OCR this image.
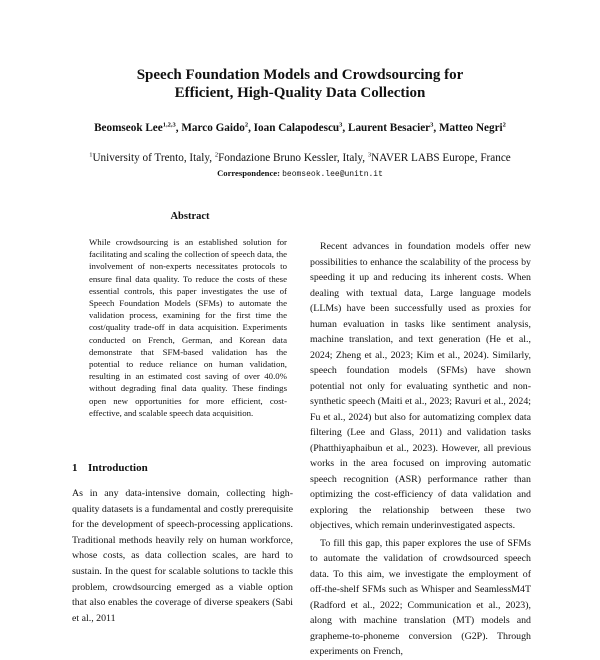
Speech Foundation Models and Crowdsourcing for
Efficient, High-Quality Data Collection
Beomseok Lee$^{1,2,3}$, Marco Gaido$^2$, Ioan Calapodescu$^3$, Laurent Besacier$^3$, Matteo Negri$^2$
$^1$University of Trento, Italy, $^2$Fondazione Bruno Kessler, Italy, $^3$NAVER LABS Europe, France
Correspondence: beomseok.lee@unitn.it
Abstract
While crowdsourcing is an established solution for facilitating and scaling the collection of speech data, the involvement of non-experts necessitates protocols to ensure final data quality. To reduce the costs of these essential controls, this paper investigates the use of Speech Foundation Models (SFMs) to automate the validation process, examining for the first time the cost/quality trade-off in data acquisition. Experiments conducted on French, German, and Korean data demonstrate that SFM-based validation has the potential to reduce reliance on human validation, resulting in an estimated cost saving of over 40.0% without degrading final data quality. These findings open new opportunities for more efficient, cost-effective, and scalable speech data acquisition.
1 Introduction
As in any data-intensive domain, collecting high-quality datasets is a fundamental and costly prerequisite for the development of speech-processing applications. Traditional methods heavily rely on human workforce, whose costs, as data collection scales, are hard to sustain. In the quest for scalable solutions to tackle this problem, crowdsourcing emerged as a viable option that also enables the coverage of diverse speakers (Sabi et al., 2011

Recent advances in foundation models offer new possibilities to enhance the scalability of the process by speeding it up and reducing its inherent costs. When dealing with textual data, Large language models (LLMs) have been successfully used as proxies for human evaluation in tasks like sentiment analysis, machine translation, and text generation (He et al., 2024; Zheng et al., 2023; Kim et al., 2024). Similarly, speech foundation models (SFMs) have shown potential not only for evaluating synthetic and non-synthetic speech (Maiti et al., 2023; Ravuri et al., 2024; Fu et al., 2024) but also for automatizing complex data filtering (Lee and Glass, 2011) and validation tasks (Phatthiyaphaibun et al., 2023). However, all previous works in the area focused on improving automatic speech recognition (ASR) performance rather than optimizing the cost-efficiency of data validation and exploring the relationship between these two objectives, which remain underinvestigated aspects.

To fill this gap, this paper explores the use of SFMs to automate the validation of crowdsourced speech data. To this aim, we investigate the employment of off-the-shelf SFMs such as Whisper and SeamlessM4T (Radford et al., 2022; Communication et al., 2023), along with machine translation (MT) models and grapheme-to-phoneme conversion (G2P). Through experiments on French,
